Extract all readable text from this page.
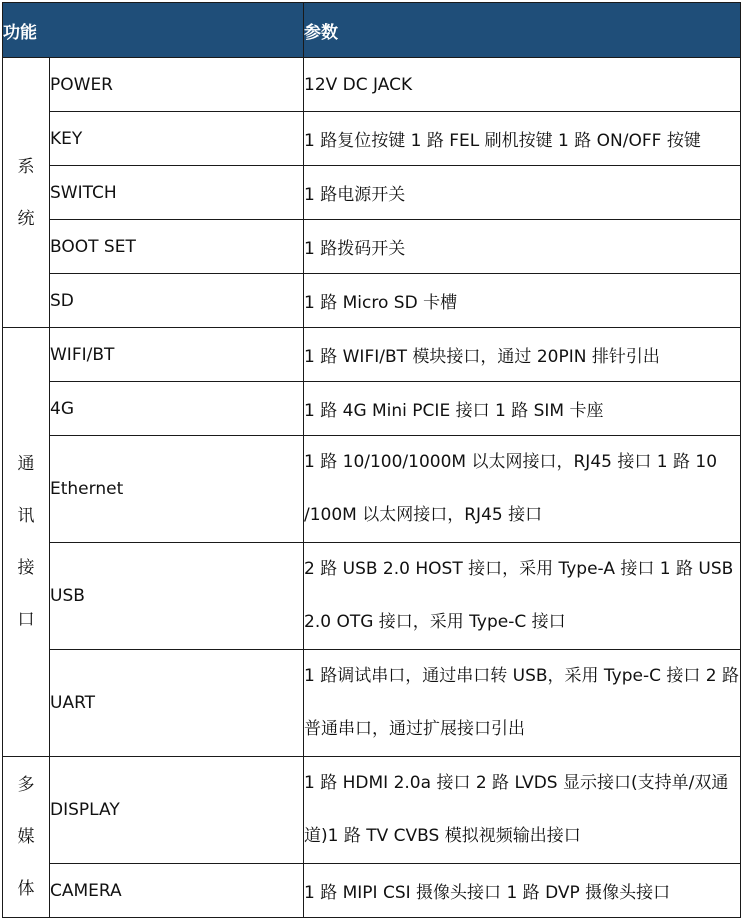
功能		参数

系
统	POWER	12V DC JACK
	KEY	1 路复位按键 1 路 FEL 刷机按键 1 路 ON/OFF 按键
	SWITCH	1 路电源开关
	BOOT SET	1 路拨码开关
	SD	1 路 Micro SD 卡槽

通
讯
接
口	WIFI/BT	1 路 WIFI/BT 模块接口，通过 20PIN 排针引出
	4G	1 路 4G Mini PCIE 接口 1 路 SIM 卡座
	Ethernet	1 路 10/100/1000M 以太网接口，RJ45 接口 1 路 10 /100M 以太网接口，RJ45 接口
	USB	2 路 USB 2.0 HOST 接口，采用 Type-A 接口 1 路 USB 2.0 OTG 接口，采用 Type-C 接口
	UART	1 路调试串口，通过串口转 USB，采用 Type-C 接口 2 路普通串口，通过扩展接口引出

多
媒
体	DISPLAY	1 路 HDMI 2.0a 接口 2 路 LVDS 显示接口(支持单/双通道)1 路 TV CVBS 模拟视频输出接口
	CAMERA	1 路 MIPI CSI 摄像头接口 1 路 DVP 摄像头接口
